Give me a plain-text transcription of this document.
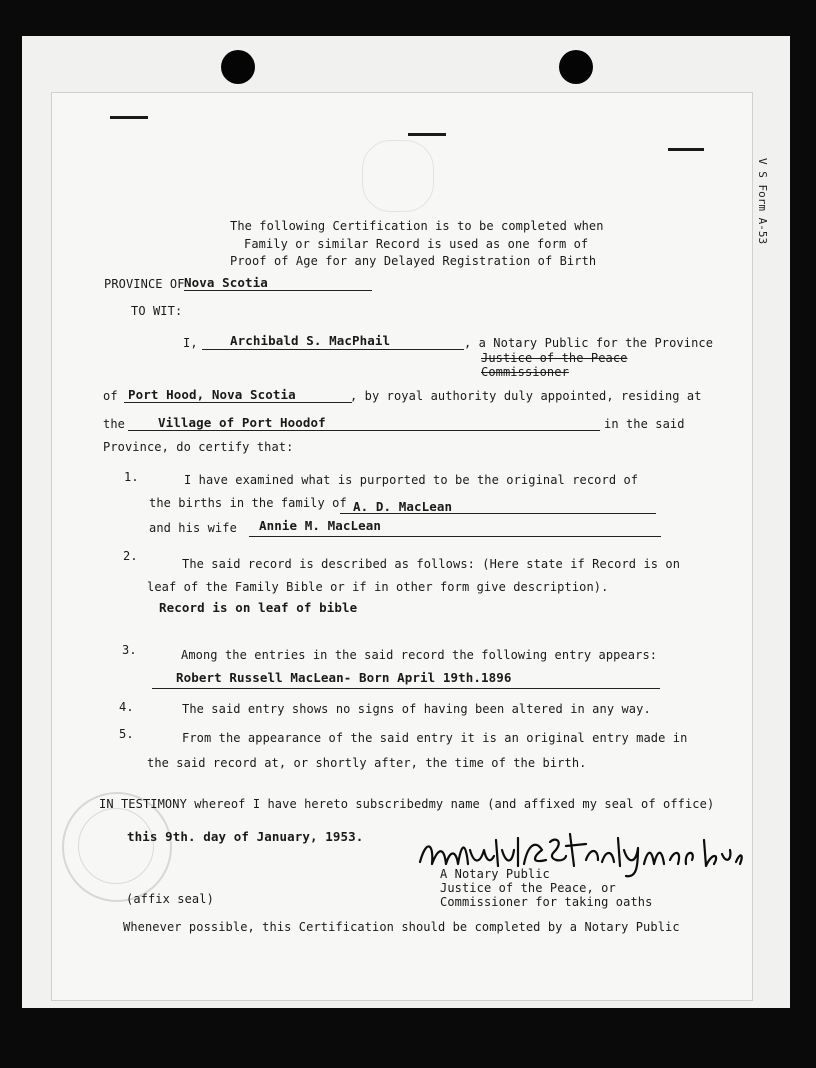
V S Form A-53
The following Certification is to be completed when
Family or similar Record is used as one form of
Proof of Age for any Delayed Registration of Birth
PROVINCE OF Nova Scotia
TO WIT:
I,	Archibald S. MacPhail	, a Notary Public for the Province
Justice of the Peace
Commissioner
of Port Hood, Nova Scotia	, by royal authority duly appointed, residing at
the	Village of Port Hoodof	in the said
Province, do certify that:
1.	I have examined what is purported to be the original record of
the births in the family of A. D. MacLean
and his wife Annie M. MacLean
2.
The said record is described as follows: (Here state if Record is on
leaf of the Family Bible or if in other form give description).
Record is on leaf of bible
3.	Among the entries in the said record the following entry appears:
Robert Russell MacLean- Born April 19th.1896
4.	The said entry shows no signs of having been altered in any way.
5.	From the appearance of the said entry it is an original entry made in
the said record at, or shortly after, the time of the birth.
IN TESTIMONY whereof I have hereto subscribedmy name (and affixed my seal of office)
this 9th. day of January, 1953.
A Notary Public
Justice of the Peace, or
Commissioner for taking oaths
(affix seal)
Whenever possible, this Certification should be completed by a Notary Public
